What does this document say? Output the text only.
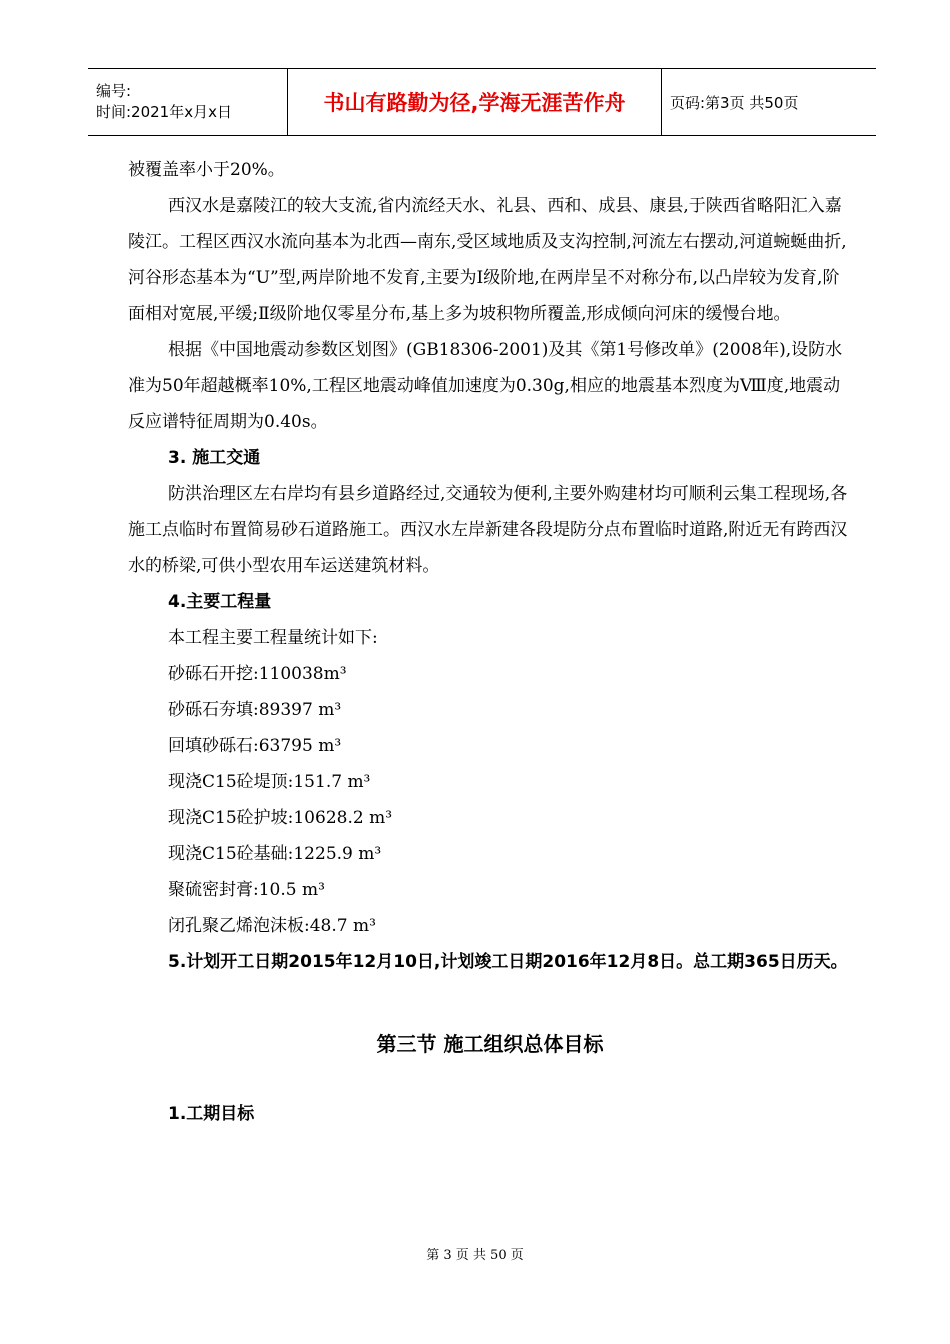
编号:
时间:2021年x月x日	书山有路勤为径,学海无涯苦作舟	页码:第3页 共50页

被覆盖率小于20%。

西汉水是嘉陵江的较大支流,省内流经天水、礼县、西和、成县、康县,于陕西省略阳汇入嘉陵江。工程区西汉水流向基本为北西—南东,受区域地质及支沟控制,河流左右摆动,河道蜿蜒曲折,河谷形态基本为“U”型,两岸阶地不发育,主要为Ⅰ级阶地,在两岸呈不对称分布,以凸岸较为发育,阶面相对宽展,平缓;Ⅱ级阶地仅零星分布,基上多为坡积物所覆盖,形成倾向河床的缓慢台地。

根据《中国地震动参数区划图》(GB18306-2001)及其《第1号修改单》(2008年),设防水准为50年超越概率10%,工程区地震动峰值加速度为0.30g,相应的地震基本烈度为Ⅷ度,地震动反应谱特征周期为0.40s。

3. 施工交通

防洪治理区左右岸均有县乡道路经过,交通较为便利,主要外购建材均可顺利云集工程现场,各施工点临时布置简易砂石道路施工。西汉水左岸新建各段堤防分点布置临时道路,附近无有跨西汉水的桥梁,可供小型农用车运送建筑材料。

4.主要工程量

本工程主要工程量统计如下:

砂砾石开挖:110038m³

砂砾石夯填:89397 m³

回填砂砾石:63795 m³

现浇C15砼堤顶:151.7 m³

现浇C15砼护坡:10628.2 m³

现浇C15砼基础:1225.9 m³

聚硫密封膏:10.5 m³

闭孔聚乙烯泡沫板:48.7 m³

5.计划开工日期2015年12月10日,计划竣工日期2016年12月8日。总工期365日历天。

第三节 施工组织总体目标

1.工期目标

第 3 页 共 50 页
